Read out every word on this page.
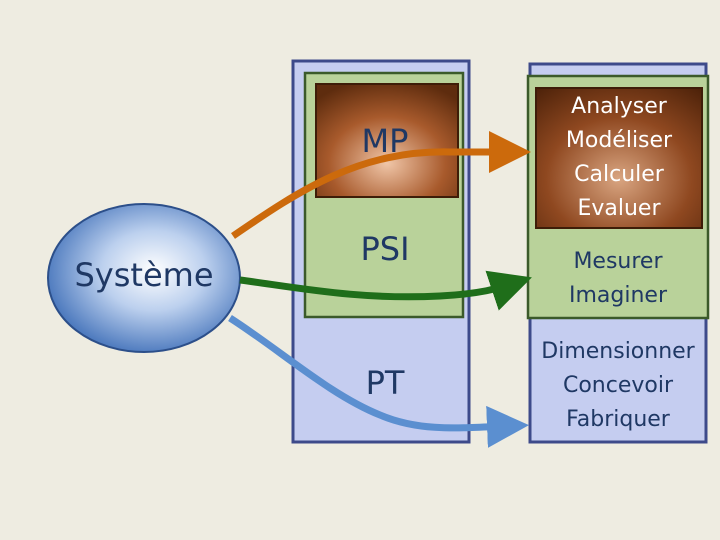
Système
MP
PSI
PT
Analyser
Modéliser
Calculer
Evaluer
Mesurer
Imaginer
Dimensionner
Concevoir
Fabriquer
